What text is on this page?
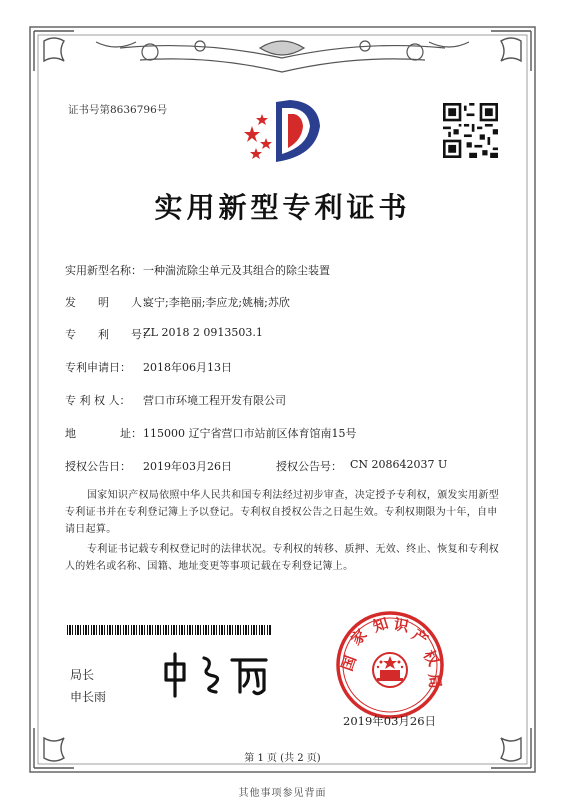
证书号第8636796号
实用新型专利证书
实用新型名称： 一种湍流除尘单元及其组合的除尘装置
发　　明　　人：
宴宁;李艳丽;李应龙;姚楠;苏欣
专　　利　　号：
ZL 2018 2 0913503.1
专利申请日： 2018年06月13日
专 利 权 人： 营口市环境工程开发有限公司
地　　　　址： 115000 辽宁省营口市站前区体育馆南15号
授权公告日： 2019年03月26日	授权公告号： CN 208642037 U
国家知识产权局依照中华人民共和国专利法经过初步审查，决定授予专利权，颁发实用新型专利证书并在专利登记簿上予以登记。专利权自授权公告之日起生效。专利权期限为十年，自申请日起算。
专利证书记载专利权登记时的法律状况。专利权的转移、质押、无效、终止、恢复和专利权人的姓名或名称、国籍、地址变更等事项记载在专利登记簿上。
局长
申长雨
国
家
知 识
产
权
局
2019年03月26日
第 1 页 (共 2 页)
其他事项参见背面
